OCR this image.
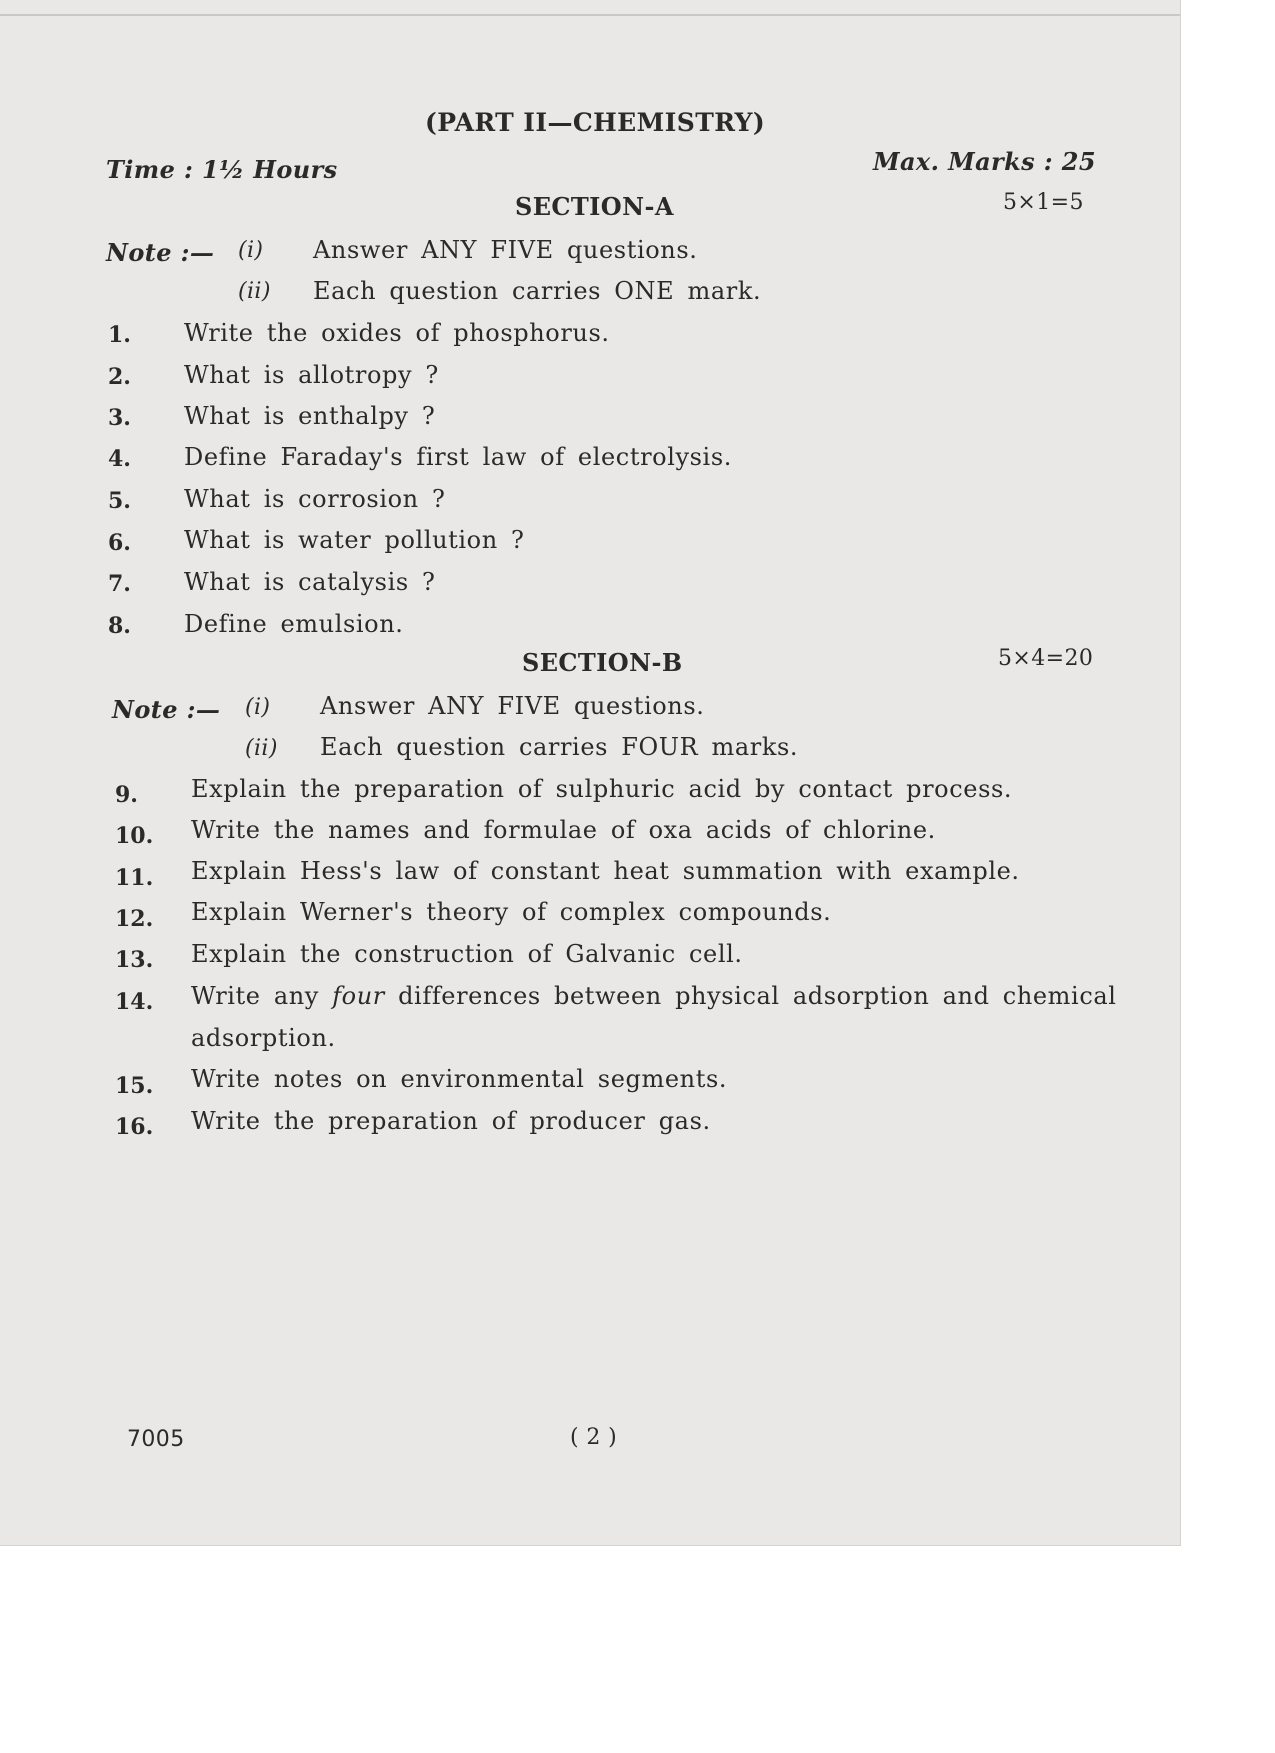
(PART II—CHEMISTRY)
Time : 1½ Hours	Max. Marks : 25
SECTION-A	5×1=5
Note :— (i) Answer ANY FIVE questions.
(ii) Each question carries ONE mark.
1. Write the oxides of phosphorus.
2. What is allotropy ?
3. What is enthalpy ?
4. Define Faraday's first law of electrolysis.
5. What is corrosion ?
6. What is water pollution ?
7. What is catalysis ?
8. Define emulsion.
SECTION-B	5×4=20
Note :— (i) Answer ANY FIVE questions.
(ii) Each question carries FOUR marks.
9. Explain the preparation of sulphuric acid by contact process.
10. Write the names and formulae of oxa acids of chlorine.
11. Explain Hess's law of constant heat summation with example.
12. Explain Werner's theory of complex compounds.
13. Explain the construction of Galvanic cell.
14. Write any four differences between physical adsorption and chemical
adsorption.
15. Write notes on environmental segments.
16. Write the preparation of producer gas.
7005	( 2 )
